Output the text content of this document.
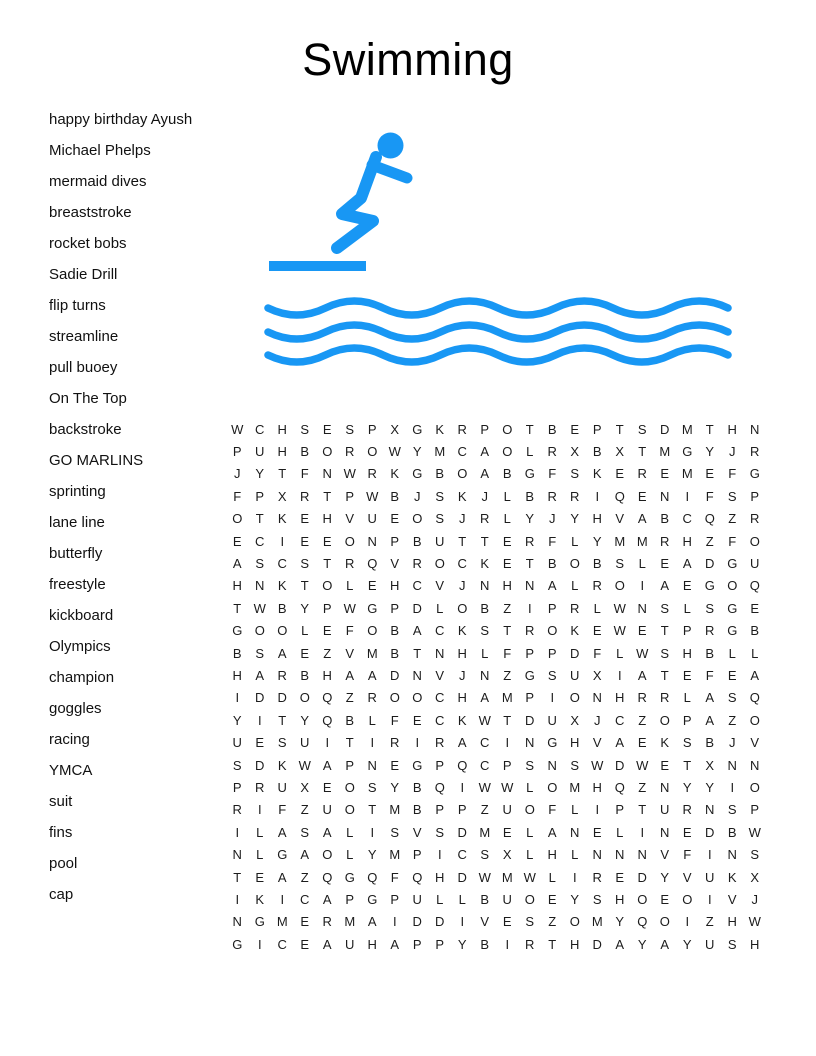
Swimming
happy birthday Ayush
Michael Phelps
mermaid dives
breaststroke
rocket bobs
Sadie Drill
flip turns
streamline
pull buoey
On The Top
backstroke
GO MARLINS
sprinting
lane line
butterfly
freestyle
kickboard
Olympics
champion
goggles
racing
YMCA
suit
fins
pool
cap
W C	H	S	E	S	P	X	G	K	R	P	O	T	B	E	P	T	S	D M	T	H	N
P	U	H	B	O R O W Y M C	A	O	L	R	X	B	X	T	M G	Y	J	R
J	Y	T	F	N W R	K	G	B	O	A	B	G	F	S	K	E	R	E M E	F	G
F	P	X	R	T	P W B	J	S	K	J	L	B	R	R	I	Q	E	N	I	F	S	P
O	T	K	E	H	V	U	E	O	S	J	R	L	Y	J	Y	H	V	A	B	C Q	Z	R
E	C	I	E	E	O N	P	B	U	T	T	E	R	F	L	Y M M R	H	Z	F	O
A	S	C	S	T	R Q	V	R O C	K	E	T	B	O	B	S	L	E	A	D G U
H	N	K	T	O	L	E	H	C	V	J	N	H	N	A	L	R O	I	A	E	G O Q
T W B	Y	P W G	P	D	L	O	B	Z	I	P	R	L W N	S	L	S	G	E
G O O	L	E	F	O	B	A	C	K	S	T	R O	K	E W E	T	P	R G	B
B	S	A	E	Z	V M B	T	N	H	L	F	P	P	D	F	L W S	H	B	L	L
H	A	R	B	H	A	A	D	N	V	J	N	Z	G	S	U	X	I	A	T	E	F	E	A
I	D	D O Q	Z	R O O C	H	A M P	I	O N	H	R	R	L	A	S	Q
Y	I	T	Y	Q	B	L	F	E	C	K W T	D	U	X	J	C	Z	O	P	A	Z	O
U	E	S	U	I	T	I	R	I	R	A	C	I	N G H	V	A	E	K	S	B	J	V
S	D	K W A	P	N	E	G	P	Q C	P	S	N	S W D W E	T	X	N	N
P	R	U	X	E	O	S	Y	B	Q	I	W W L	O M H Q	Z	N	Y	Y	I	O
R	I	F	Z	U O	T	M B	P	P	Z	U O	F	L	I	P	T	U	R	N	S	P
I	L	A	S	A	L	I	S	V	S	D M E	L	A	N	E	L	I	N	E	D	B W
N	L	G	A	O	L	Y M P	I	C	S	X	L	H	L	N	N	N	V	F	I	N	S
T	E	A	Z	Q G Q	F	Q H	D W M W L	I	R	E	D	Y	V	U	K	X
I	K	I	C	A	P	G	P	U	L	L	B	U O	E	Y	S	H O	E	O	I	V	J
N G M E	R M A	I	D	D	I	V	E	S	Z	O M Y	Q O	I	Z	H W
G	I	C	E	A	U	H	A	P	P	Y	B	I	R	T	H	D	A	Y	A	Y	U	S	H
